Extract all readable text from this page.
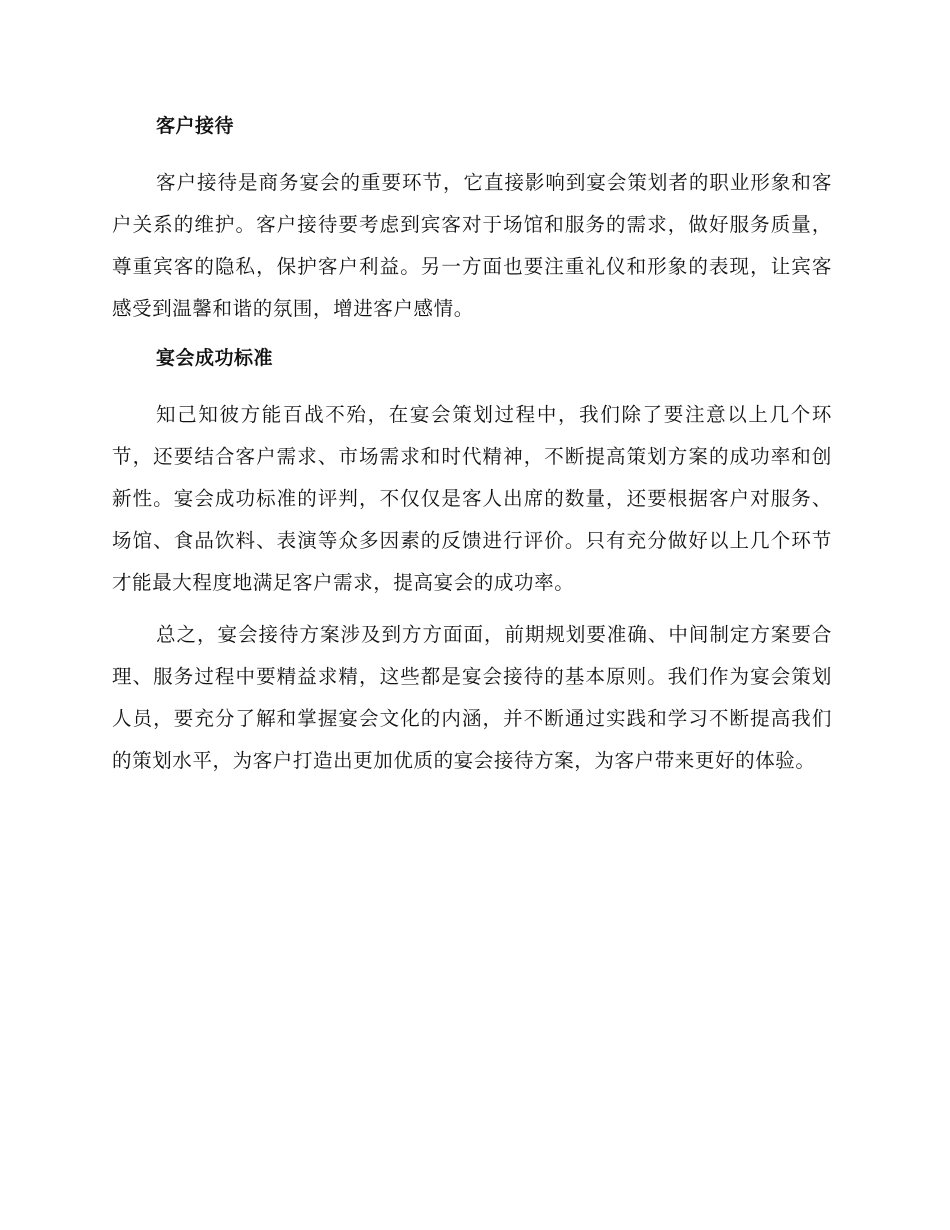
客户接待

客户接待是商务宴会的重要环节，它直接影响到宴会策划者的职业形象和客户关系的维护。客户接待要考虑到宾客对于场馆和服务的需求，做好服务质量，尊重宾客的隐私，保护客户利益。另一方面也要注重礼仪和形象的表现，让宾客感受到温馨和谐的氛围，增进客户感情。

宴会成功标准

知己知彼方能百战不殆，在宴会策划过程中，我们除了要注意以上几个环节，还要结合客户需求、市场需求和时代精神，不断提高策划方案的成功率和创新性。宴会成功标准的评判，不仅仅是客人出席的数量，还要根据客户对服务、场馆、食品饮料、表演等众多因素的反馈进行评价。只有充分做好以上几个环节才能最大程度地满足客户需求，提高宴会的成功率。

总之，宴会接待方案涉及到方方面面，前期规划要准确、中间制定方案要合理、服务过程中要精益求精，这些都是宴会接待的基本原则。我们作为宴会策划人员，要充分了解和掌握宴会文化的内涵，并不断通过实践和学习不断提高我们的策划水平，为客户打造出更加优质的宴会接待方案，为客户带来更好的体验。
